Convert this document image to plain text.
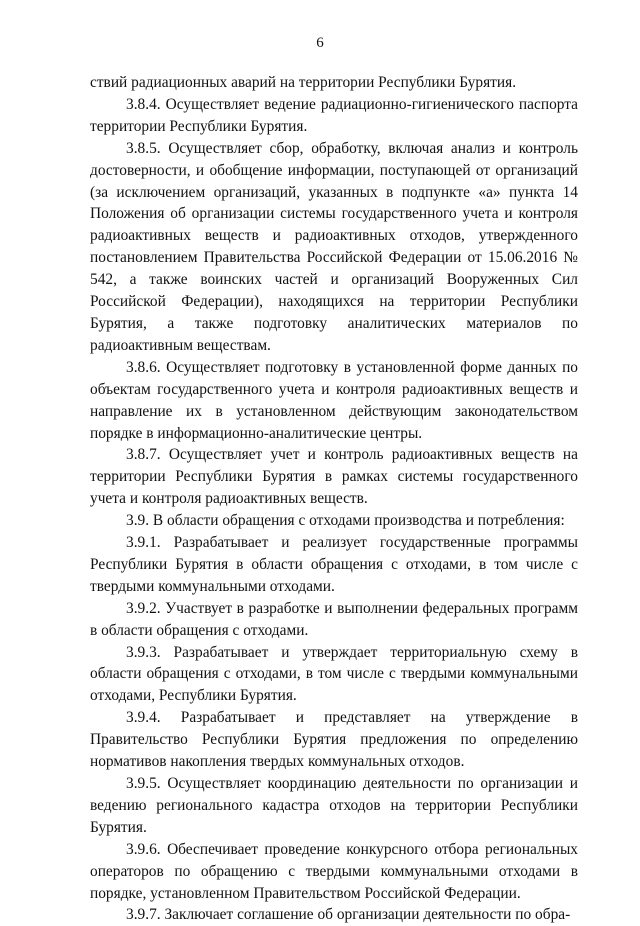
6

ствий радиационных аварий на территории Республики Бурятия.

3.8.4. Осуществляет ведение радиационно-гигиенического паспорта территории Республики Бурятия.

3.8.5. Осуществляет сбор, обработку, включая анализ и контроль достоверности, и обобщение информации, поступающей от организаций (за исключением организаций, указанных в подпункте «а» пункта 14 Положения об организации системы государственного учета и контроля радиоактивных веществ и радиоактивных отходов, утвержденного постановлением Правительства Российской Федерации от 15.06.2016 № 542, а также воинских частей и организаций Вооруженных Сил Российской Федерации), находящихся на территории Республики Бурятия, а также подготовку аналитических материалов по радиоактивным веществам.

3.8.6. Осуществляет подготовку в установленной форме данных по объектам государственного учета и контроля радиоактивных веществ и направление их в установленном действующим законодательством порядке в информационно-аналитические центры.

3.8.7. Осуществляет учет и контроль радиоактивных веществ на территории Республики Бурятия в рамках системы государственного учета и контроля радиоактивных веществ.

3.9. В области обращения с отходами производства и потребления:

3.9.1. Разрабатывает и реализует государственные программы Республики Бурятия в области обращения с отходами, в том числе с твердыми коммунальными отходами.

3.9.2. Участвует в разработке и выполнении федеральных программ в области обращения с отходами.

3.9.3. Разрабатывает и утверждает территориальную схему в области обращения с отходами, в том числе с твердыми коммунальными отходами, Республики Бурятия.

3.9.4. Разрабатывает и представляет на утверждение в Правительство Республики Бурятия предложения по определению нормативов накопления твердых коммунальных отходов.

3.9.5. Осуществляет координацию деятельности по организации и ведению регионального кадастра отходов на территории Республики Бурятия.

3.9.6. Обеспечивает проведение конкурсного отбора региональных операторов по обращению с твердыми коммунальными отходами в порядке, установленном Правительством Российской Федерации.

3.9.7. Заключает соглашение об организации деятельности по обра-
